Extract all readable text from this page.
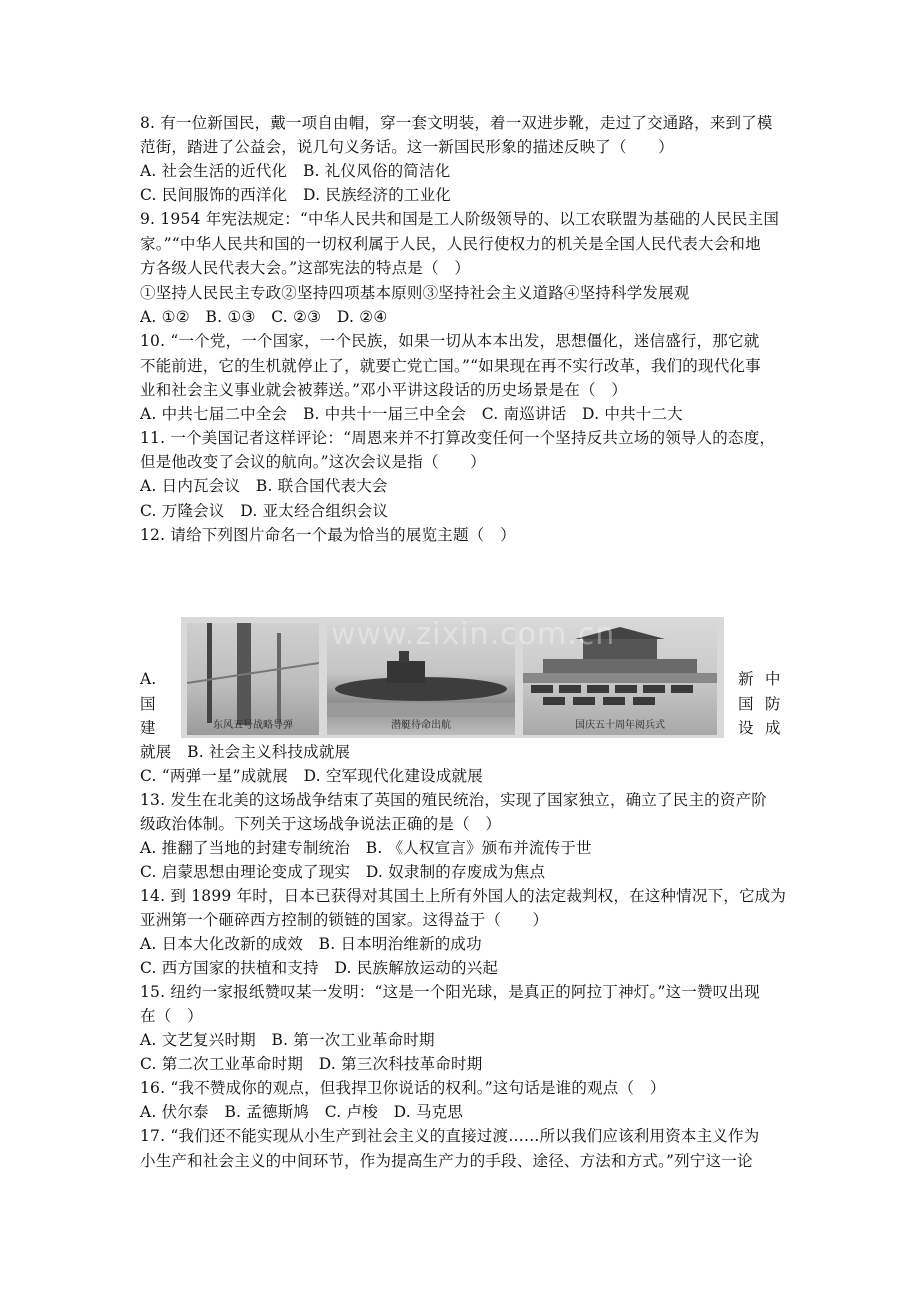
8. 有一位新国民，戴一项自由帽，穿一套文明装，着一双进步靴，走过了交通路，来到了模
范街，踏进了公益会，说几句义务话。这一新国民形象的描述反映了（　　）
A. 社会生活的近代化　B. 礼仪风俗的简洁化
C. 民间服饰的西洋化　D. 民族经济的工业化
9. 1954 年宪法规定：“中华人民共和国是工人阶级领导的、以工农联盟为基础的人民民主国
家。”“中华人民共和国的一切权利属于人民，人民行使权力的机关是全国人民代表大会和地
方各级人民代表大会。”这部宪法的特点是（　）
①坚持人民民主专政②坚持四项基本原则③坚持社会主义道路④坚持科学发展观
A. ①②　B. ①③　C. ②③　D. ②④
10. “一个党，一个国家，一个民族，如果一切从本本出发，思想僵化，迷信盛行，那它就
不能前进，它的生机就停止了，就要亡党亡国。”“如果现在再不实行改革，我们的现代化事
业和社会主义事业就会被葬送。”邓小平讲这段话的历史场景是在（　）
A. 中共七届二中全会　B. 中共十一届三中全会　C. 南巡讲话　D. 中共十二大
11. 一个美国记者这样评论：“周恩来并不打算改变任何一个坚持反共立场的领导人的态度，
但是他改变了会议的航向。”这次会议是指（　　）
A. 日内瓦会议　B. 联合国代表大会
C. 万隆会议　D. 亚太经合组织会议
12. 请给下列图片命名一个最为恰当的展览主题（　）
东风五号战略导弹	潜艇待命出航	国庆五十周年阅兵式
www.zixin.com.cn
A.
国
建
新 中
国 防
设 成
就展　B. 社会主义科技成就展
C. “两弹一星”成就展　D. 空军现代化建设成就展
13. 发生在北美的这场战争结束了英国的殖民统治，实现了国家独立，确立了民主的资产阶
级政治体制。下列关于这场战争说法正确的是（　）
A. 推翻了当地的封建专制统治　B. 《人权宣言》颁布并流传于世
C. 启蒙思想由理论变成了现实　D. 奴隶制的存废成为焦点
14. 到 1899 年时，日本已获得对其国土上所有外国人的法定裁判权，在这种情况下，它成为
亚洲第一个砸碎西方控制的锁链的国家。这得益于（　　）
A. 日本大化改新的成效　B. 日本明治维新的成功
C. 西方国家的扶植和支持　D. 民族解放运动的兴起
15. 纽约一家报纸赞叹某一发明：“这是一个阳光球，是真正的阿拉丁神灯。”这一赞叹出现
在（　）
A. 文艺复兴时期　B. 第一次工业革命时期
C. 第二次工业革命时期　D. 第三次科技革命时期
16. “我不赞成你的观点，但我捍卫你说话的权利。”这句话是谁的观点（　）
A. 伏尔泰　B. 孟德斯鸠　C. 卢梭　D. 马克思
17. “我们还不能实现从小生产到社会主义的直接过渡……所以我们应该利用资本主义作为
小生产和社会主义的中间环节，作为提高生产力的手段、途径、方法和方式。”列宁这一论
